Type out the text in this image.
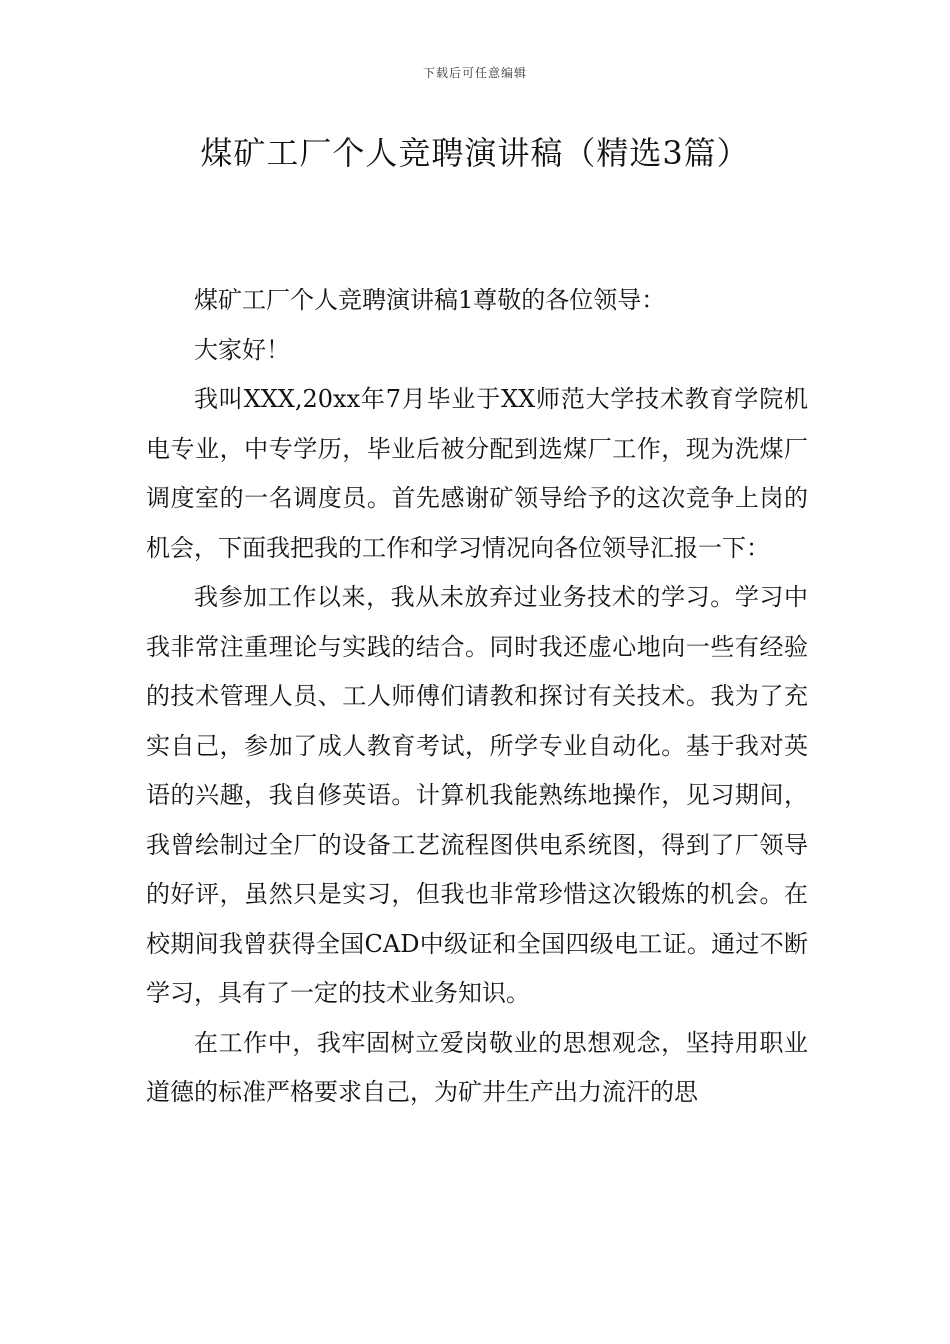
下载后可任意编辑
煤矿工厂个人竞聘演讲稿（精选3篇）

煤矿工厂个人竞聘演讲稿1尊敬的各位领导：

大家好！

我叫XXX,20xx年7月毕业于XX师范大学技术教育学院机电专业，中专学历，毕业后被分配到选煤厂工作，现为洗煤厂调度室的一名调度员。首先感谢矿领导给予的这次竞争上岗的机会，下面我把我的工作和学习情况向各位领导汇报一下：

我参加工作以来，我从未放弃过业务技术的学习。学习中我非常注重理论与实践的结合。同时我还虚心地向一些有经验的技术管理人员、工人师傅们请教和探讨有关技术。我为了充实自己，参加了成人教育考试，所学专业自动化。基于我对英语的兴趣，我自修英语。计算机我能熟练地操作，见习期间，我曾绘制过全厂的设备工艺流程图供电系统图，得到了厂领导的好评，虽然只是实习，但我也非常珍惜这次锻炼的机会。在校期间我曾获得全国CAD中级证和全国四级电工证。通过不断学习，具有了一定的技术业务知识。

在工作中，我牢固树立爱岗敬业的思想观念，坚持用职业道德的标准严格要求自己，为矿井生产出力流汗的思
